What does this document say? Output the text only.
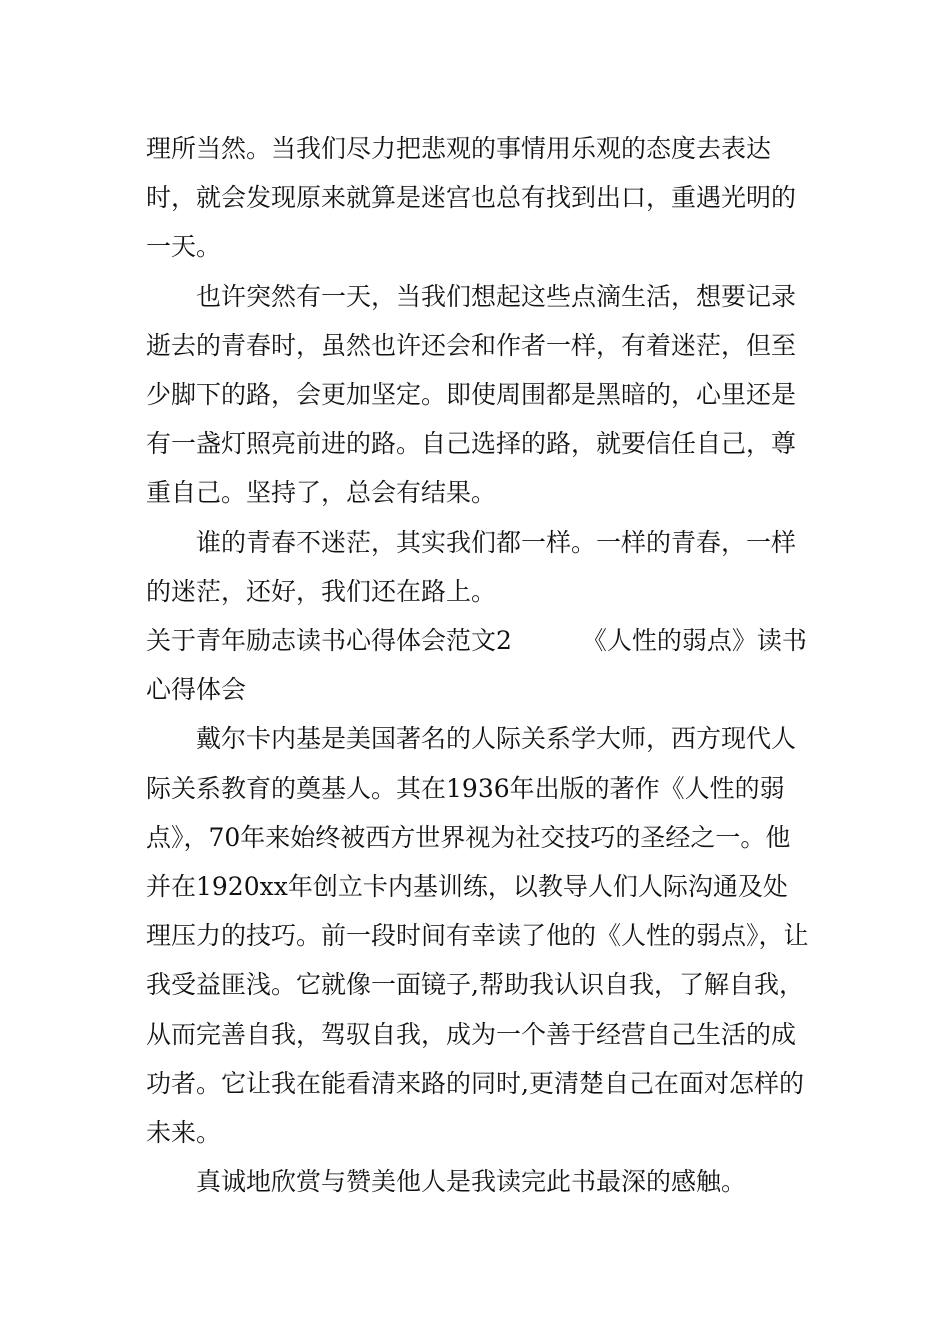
理所当然。当我们尽力把悲观的事情用乐观的态度去表达时，就会发现原来就算是迷宫也总有找到出口，重遇光明的一天。

也许突然有一天，当我们想起这些点滴生活，想要记录逝去的青春时，虽然也许还会和作者一样，有着迷茫，但至少脚下的路，会更加坚定。即使周围都是黑暗的，心里还是有一盏灯照亮前进的路。自己选择的路，就要信任自己，尊重自己。坚持了，总会有结果。

谁的青春不迷茫，其实我们都一样。一样的青春，一样的迷茫，还好，我们还在路上。

关于青年励志读书心得体会范文2	《人性的弱点》读书心得体会

戴尔卡内基是美国著名的人际关系学大师，西方现代人际关系教育的奠基人。其在1936年出版的著作《人性的弱点》，70年来始终被西方世界视为社交技巧的圣经之一。他并在1920xx年创立卡内基训练，以教导人们人际沟通及处理压力的技巧。前一段时间有幸读了他的《人性的弱点》，让我受益匪浅。它就像一面镜子,帮助我认识自我，了解自我，从而完善自我，驾驭自我，成为一个善于经营自己生活的成功者。它让我在能看清来路的同时,更清楚自己在面对怎样的未来。

真诚地欣赏与赞美他人是我读完此书最深的感触。
